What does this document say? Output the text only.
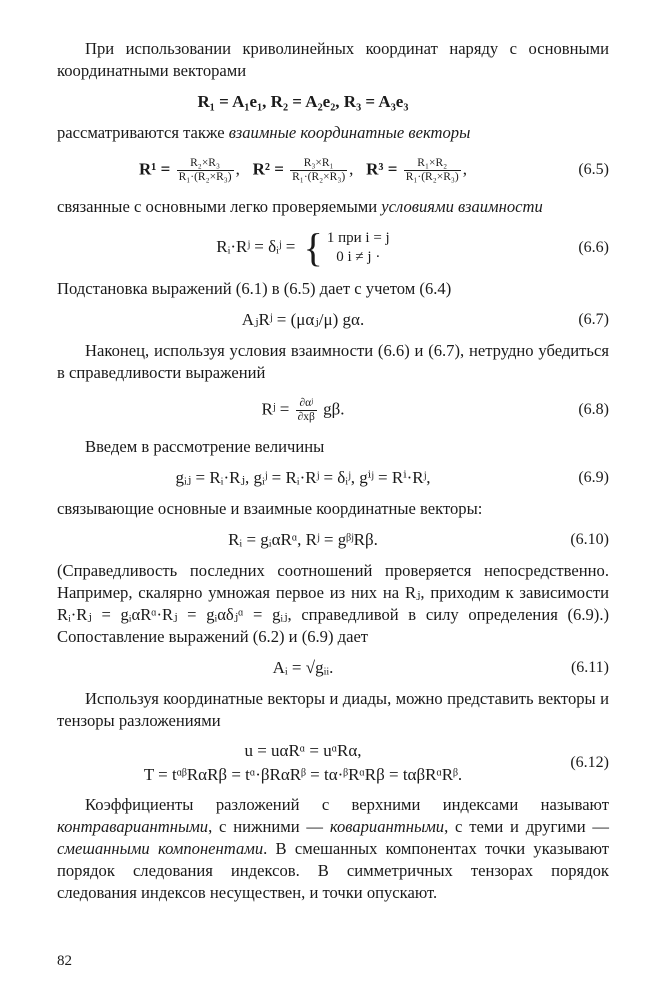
При использовании криволинейных координат наряду с основными координатными векторами

R₁ = A₁e₁, R₂ = A₂e₂, R₃ = A₃e₃

рассматриваются также взаимные координатные векторы

$R^1 = \frac{\text{R₂×R₃}}{\text{R₁·(R₂×R₃)}}$ ,   $R^2 = \frac{\text{R₃×R₁}}{\text{R₁·(R₂×R₃)}}$ ,   $R^3 = \frac{\text{R₁×R₂}}{\text{R₁·(R₂×R₃)}}$ ,	(6.5)

связанные с основными легко проверяемыми условиями взаимности

Rᵢ·Rʲ = δᵢʲ = { 1 при i = j
0 i ≠ j ·
(6.6)

Подстановка выражений (6.1) в (6.5) дает с учетом (6.4)

AⱼRʲ = (μαⱼ/μ) gα.	(6.7)

Наконец, используя условия взаимности (6.6) и (6.7), нетрудно убедиться в справедливости выражений

Rʲ = $\frac{\text{∂αʲ}}{\partial x\beta} g\beta$.	(6.8)

Введем в рассмотрение величины

gᵢⱼ = Rᵢ·Rⱼ, gᵢʲ = Rᵢ·Rʲ = δᵢʲ, gⁱʲ = Rⁱ·Rʲ,	(6.9)

связывающие основные и взаимные координатные векторы:

Rᵢ = gᵢαRᵅ, Rʲ = gᵝʲRβ.	(6.10)

(Справедливость последних соотношений проверяется непосредственно. Например, скалярно умножая первое из них на Rⱼ, приходим к зависимости Rᵢ·Rⱼ = gᵢαRᵅ·Rⱼ = gᵢαδⱼᵅ = gᵢⱼ, справедливой в силу определения (6.9).) Сопоставление выражений (6.2) и (6.9) дает

Aᵢ = √gᵢᵢ.	(6.11)

Используя координатные векторы и диады, можно представить векторы и тензоры разложениями

u = uαRᵅ = uᵅRα,
T = tᵅᵝRαRβ = tᵅ·βRαRᵝ = tα·ᵝRᵅRβ = tαβRᵅRᵝ.
(6.12)

Коэффициенты разложений с верхними индексами называют контравариантными, с нижними — ковариантными, с теми и другими — смешанными компонентами. В смешанных компонентах точки указывают порядок следования индексов. В симметричных тензорах порядок следования индексов несуществен, и точки опускают.

82
